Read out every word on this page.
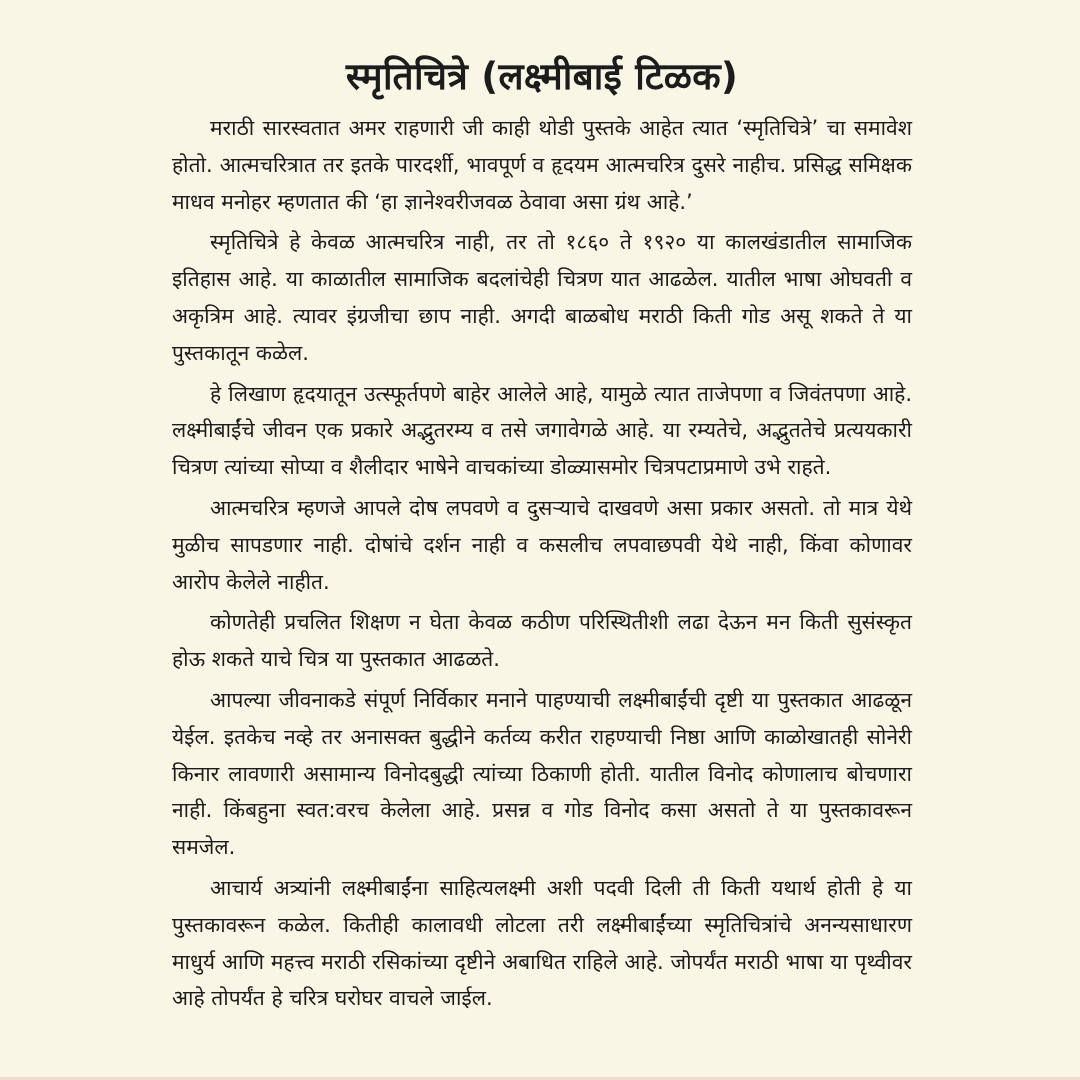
स्मृतिचित्रे (लक्ष्मीबाई टिळक)

मराठी सारस्वतात अमर राहणारी जी काही थोडी पुस्तके आहेत त्यात ‘स्मृतिचित्रे’ चा समावेश होतो. आत्मचरित्रात तर इतके पारदर्शी, भावपूर्ण व हृदयम आत्मचरित्र दुसरे नाहीच. प्रसिद्ध समिक्षक माधव मनोहर म्हणतात की ‘हा ज्ञानेश्वरीजवळ ठेवावा असा ग्रंथ आहे.’

स्मृतिचित्रे हे केवळ आत्मचरित्र नाही, तर तो १८६० ते १९२० या कालखंडातील सामाजिक इतिहास आहे. या काळातील सामाजिक बदलांचेही चित्रण यात आढळेल. यातील भाषा ओघवती व अकृत्रिम आहे. त्यावर इंग्रजीचा छाप नाही. अगदी बाळबोध मराठी किती गोड असू शकते ते या पुस्तकातून कळेल.

हे लिखाण हृदयातून उत्स्फूर्तपणे बाहेर आलेले आहे, यामुळे त्यात ताजेपणा व जिवंतपणा आहे. लक्ष्मीबाईंचे जीवन एक प्रकारे अद्भुतरम्य व तसे जगावेगळे आहे. या रम्यतेचे, अद्भुततेचे प्रत्ययकारी चित्रण त्यांच्या सोप्या व शैलीदार भाषेने वाचकांच्या डोळ्यासमोर चित्रपटाप्रमाणे उभे राहते.

आत्मचरित्र म्हणजे आपले दोष लपवणे व दुसऱ्याचे दाखवणे असा प्रकार असतो. तो मात्र येथे मुळीच सापडणार नाही. दोषांचे दर्शन नाही व कसलीच लपवाछपवी येथे नाही, किंवा कोणावर आरोप केलेले नाहीत.

कोणतेही प्रचलित शिक्षण न घेता केवळ कठीण परिस्थितीशी लढा देऊन मन किती सुसंस्कृत होऊ शकते याचे चित्र या पुस्तकात आढळते.

आपल्या जीवनाकडे संपूर्ण निर्विकार मनाने पाहण्याची लक्ष्मीबाईंची दृष्टी या पुस्तकात आढळून येईल. इतकेच नव्हे तर अनासक्त बुद्धीने कर्तव्य करीत राहण्याची निष्ठा आणि काळोखातही सोनेरी किनार लावणारी असामान्य विनोदबुद्धी त्यांच्या ठिकाणी होती. यातील विनोद कोणालाच बोचणारा नाही. किंबहुना स्वत:वरच केलेला आहे. प्रसन्न व गोड विनोद कसा असतो ते या पुस्तकावरून समजेल.

आचार्य अत्र्यांनी लक्ष्मीबाईंना साहित्यलक्ष्मी अशी पदवी दिली ती किती यथार्थ होती हे या पुस्तकावरून कळेल. कितीही कालावधी लोटला तरी लक्ष्मीबाईंच्या स्मृतिचित्रांचे अनन्यसाधारण माधुर्य आणि महत्त्व मराठी रसिकांच्या दृष्टीने अबाधित राहिले आहे. जोपर्यंत मराठी भाषा या पृथ्वीवर आहे तोपर्यंत हे चरित्र घरोघर वाचले जाईल.
